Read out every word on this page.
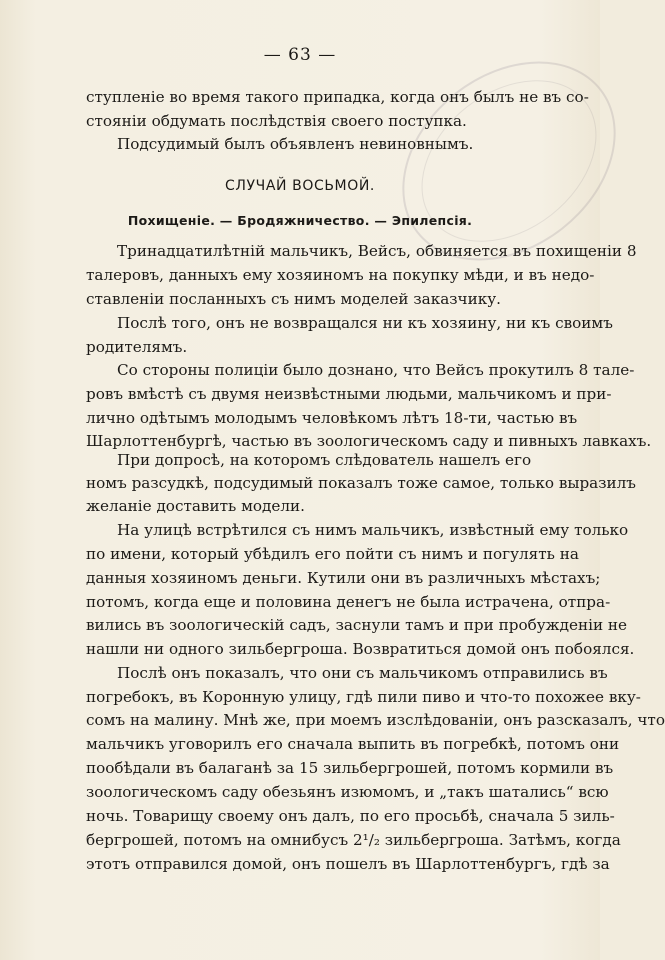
— 63 —
ступленіе во время такого припадка, когда онъ былъ не въ со-
стояніи обдумать послѣдствія своего поступка.
Подсудимый былъ объявленъ невиновнымъ.
СЛУЧАЙ ВОСЬМОЙ.
Похищеніе. — Бродяжничество. — Эпилепсія.
Тринадцатилѣтній мальчикъ, Вейсъ, обвиняется въ похищеніи 8
талеровъ, данныхъ ему хозяиномъ на покупку мѣди, и въ недо-
ставленіи посланныхъ съ нимъ моделей заказчику.
Послѣ того, онъ не возвращался ни къ хозяину, ни къ своимъ
родителямъ.
Со стороны полиціи было дознано, что Вейсъ прокутилъ 8 тале-
ровъ вмѣстѣ съ двумя неизвѣстными людьми, мальчикомъ и при-
лично одѣтымъ молодымъ человѣкомъ лѣтъ 18-ти, частью въ
Шарлоттенбургѣ, частью въ зоологическомъ саду и пивныхъ лавкахъ.
При допросѣ, на которомъ слѣдователь нашелъ его
номъ разсудкѣ, подсудимый показалъ тоже самое, только выразилъ
желаніе доставить модели.
На улицѣ встрѣтился съ нимъ мальчикъ, извѣстный ему только
по имени, который убѣдилъ его пойти съ нимъ и погулять на
данныя хозяиномъ деньги. Кутили они въ различныхъ мѣстахъ;
потомъ, когда еще и половина денегъ не была истрачена, отпра-
вились въ зоологическій садъ, заснули тамъ и при пробужденіи не
нашли ни одного зильбергроша. Возвратиться домой онъ побоялся.
Послѣ онъ показалъ, что они съ мальчикомъ отправились въ
погребокъ, въ Коронную улицу, гдѣ пили пиво и что-то похожее вку-
сомъ на малину. Мнѣ же, при моемъ изслѣдованіи, онъ разсказалъ, что
мальчикъ уговорилъ его сначала выпить въ погребкѣ, потомъ они
пообѣдали въ балаганѣ за 15 зильбергрошей, потомъ кормили въ
зоологическомъ саду обезьянъ изюмомъ, и „такъ шатались“ всю
ночь. Товарищу своему онъ далъ, по его просьбѣ, сначала 5 зиль-
бергрошей, потомъ на омнибусъ 2¹/₂ зильбергроша. Затѣмъ, когда
этотъ отправился домой, онъ пошелъ въ Шарлоттенбургъ, гдѣ за
